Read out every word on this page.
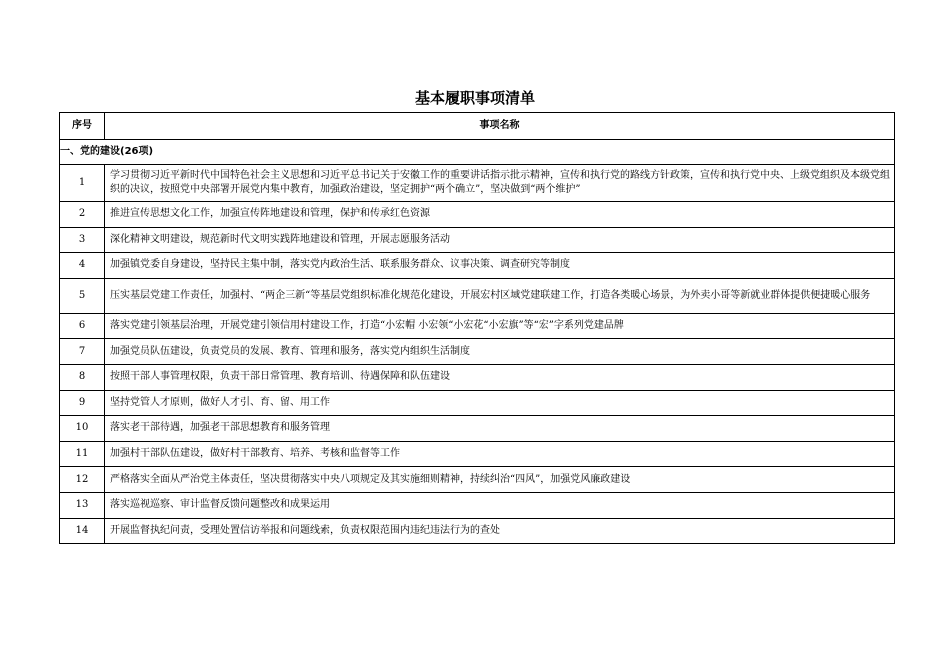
基本履职事项清单
序号	事项名称
一、党的建设(26项)	
1	学习贯彻习近平新时代中国特色社会主义思想和习近平总书记关于安徽工作的重要讲话指示批示精神，宣传和执行党的路线方针政策，宣传和执行党中央、上级党组织及本级党组织的决议，按照党中央部署开展党内集中教育，加强政治建设，坚定拥护“两个确立”，坚决做到“两个维护”
2	推进宣传思想文化工作，加强宣传阵地建设和管理，保护和传承红色资源
3	深化精神文明建设，规范新时代文明实践阵地建设和管理，开展志愿服务活动
4	加强镇党委自身建设，坚持民主集中制，落实党内政治生活、联系服务群众、议事决策、调查研究等制度
5	压实基层党建工作责任，加强村、“两企三新“等基层党组织标准化规范化建设，开展宏村区域党建联建工作，打造各类暖心场景，为外卖小哥等新就业群体提供便捷暖心服务
6	落实党建引领基层治理，开展党建引领信用村建设工作，打造“小宏帽 小宏领“小宏花“小宏旗”等“宏”字系列党建品牌
7	加强党员队伍建设，负责党员的发展、教育、管理和服务，落实党内组织生活制度
8	按照干部人事管理权限，负责干部日常管理、教育培训、待遇保障和队伍建设
9	坚持党管人才原则，做好人才引、育、留、用工作
10	落实老干部待遇，加强老干部思想教育和服务管理
11	加强村干部队伍建设，做好村干部教育、培养、考核和监督等工作
12	严格落实全面从严治党主体责任，坚决贯彻落实中央八项规定及其实施细则精神，持续纠治“四风”，加强党风廉政建设
13	落实巡视巡察、审计监督反馈问题整改和成果运用
14	开展监督执纪问责，受理处置信访举报和问题线索，负责权限范围内违纪违法行为的查处
